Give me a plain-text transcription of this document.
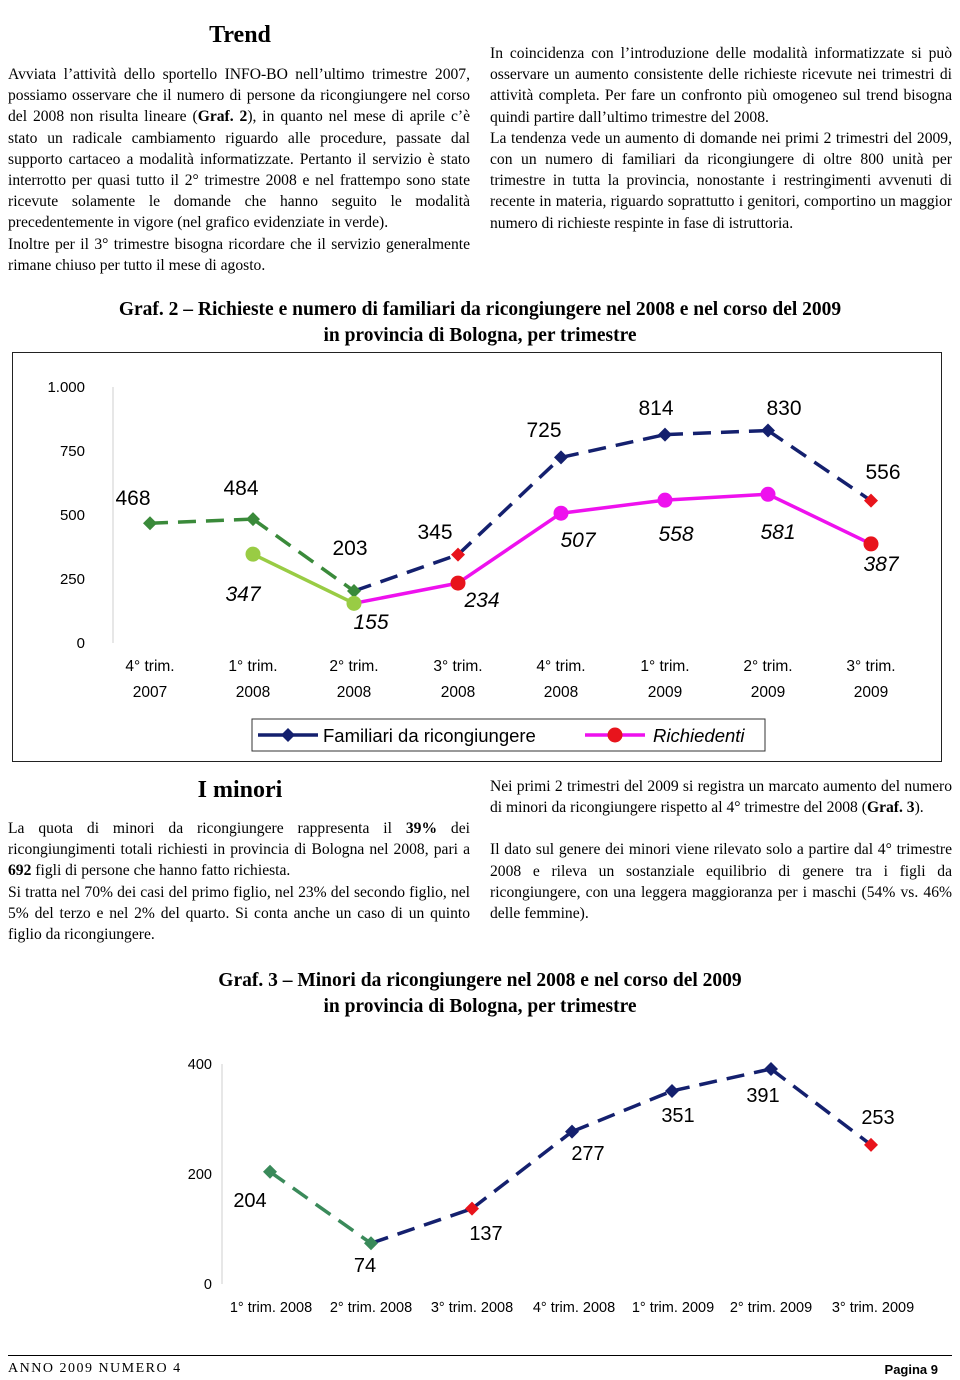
Trend

Avviata l’attività dello sportello INFO-BO nell’ultimo trimestre 2007, possiamo osservare che il numero di persone da ricongiungere nel corso del 2008 non risulta lineare (Graf. 2), in quanto nel mese di aprile c’è stato un radicale cambiamento riguardo alle procedure, passate dal supporto cartaceo a modalità informatizzate. Pertanto il servizio è stato interrotto per quasi tutto il 2° trimestre 2008 e nel frattempo sono state ricevute solamente le domande che hanno seguito le modalità precedentemente in vigore (nel grafico evidenziate in verde).

Inoltre per il 3° trimestre bisogna ricordare che il servizio generalmente rimane chiuso per tutto il mese di agosto.

In coincidenza con l’introduzione delle modalità informatizzate si può osservare un aumento consistente delle richieste ricevute nei trimestri di attività completa. Per fare un confronto più omogeneo sul trend bisogna quindi partire dall’ultimo trimestre del 2008.

La tendenza vede un aumento di domande nei primi 2 trimestri del 2009, con un numero di familiari da ricongiungere di oltre 800 unità per trimestre in tutta la provincia, nonostante i restringimenti avvenuti di recente in materia, riguardo soprattutto i genitori, comportino un maggior numero di richieste respinte in fase di istruttoria.

Graf. 2 – Richieste e numero di familiari da ricongiungere nel 2008 e nel corso del 2009
in provincia di Bologna, per trimestre
0
250
500
750
1.000
4° trim.
2007
1° trim.
2008
2° trim.
2008
3° trim.
2008
4° trim.
2008
1° trim.
2009
2° trim.
2009
3° trim.
2009
468	484
203
345
725
814	830
556
347
155
234
507	558	581
387
Familiari da ricongiungere	Richiedenti
I minori

La quota di minori da ricongiungere rappresenta il 39% dei ricongiungimenti totali richiesti in provincia di Bologna nel 2008, pari a 692 figli di persone che hanno fatto richiesta.

Si tratta nel 70% dei casi del primo figlio, nel 23% del secondo figlio, nel 5% del terzo e nel 2% del quarto. Si conta anche un caso di un quinto figlio da ricongiungere.

Nei primi 2 trimestri del 2009 si registra un marcato aumento del numero di minori da ricongiungere rispetto al 4° trimestre del 2008 (Graf. 3).

Il dato sul genere dei minori viene rilevato solo a partire dal 4° trimestre 2008 e rileva un sostanziale equilibrio di genere tra i figli da ricongiungere, con una leggera maggioranza per i maschi (54% vs. 46% delle femmine).

Graf. 3 – Minori da ricongiungere nel 2008 e nel corso del 2009
in provincia di Bologna, per trimestre
0
200
400
1° trim. 2008 2° trim. 2008 3° trim. 2008 4° trim. 2008 1° trim. 2009 2° trim. 2009 3° trim. 2009
204
74
137
277
351
391
253
ANNO 2009 NUMERO 4	Pagina 9
